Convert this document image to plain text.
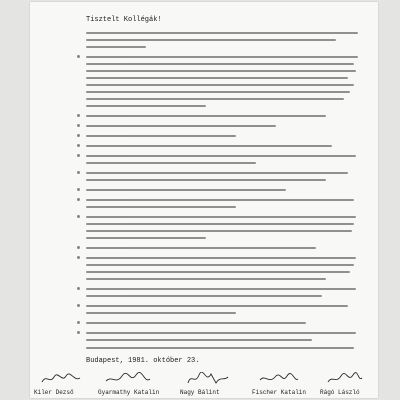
Tisztelt Kollégák!
Budapest, 1981. október 23.
Kiler Dezső	Gyarmathy Katalin	Nagy Bálint	Fischer Katalin Rágó László
